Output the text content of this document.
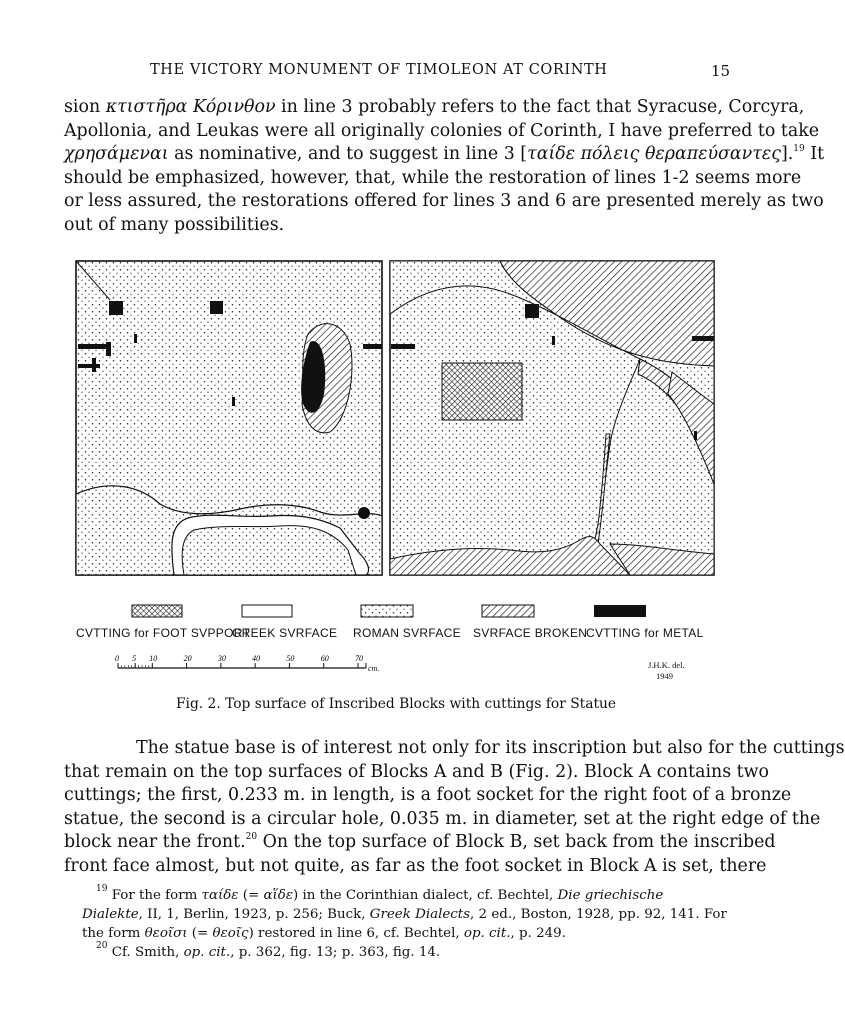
THE VICTORY MONUMENT OF TIMOLEON AT CORINTH	15
sion κτιστῆρα Κόρινθον in line 3 probably refers to the fact that Syracuse, Corcyra,
Apollonia, and Leukas were all originally colonies of Corinth, I have preferred to take
χρησάμεναι as nominative, and to suggest in line 3 [ταίδε πόλεις θεραπεύσαντες].$^{19}$ It
should be emphasized, however, that, while the restoration of lines 1-2 seems more
or less assured, the restorations offered for lines 3 and 6 are presented merely as two
out of many possibilities.
CVTTING for FOOT SVPPORT
GREEK SVRFACE ROMAN SVRFACE SVRFACE BROKEN
CVTTING for METAL
0 5 10	20	30	40	50	60	70
cm.	J.H.K. del.
1949
Fig. 2. Top surface of Inscribed Blocks with cuttings for Statue
The statue base is of interest not only for its inscription but also for the cuttings
that remain on the top surfaces of Blocks A and B (Fig. 2). Block A contains two
cuttings; the first, 0.233 m. in length, is a foot socket for the right foot of a bronze
statue, the second is a circular hole, 0.035 m. in diameter, set at the right edge of the
block near the front.$^{20}$ On the top surface of Block B, set back from the inscribed
front face almost, but not quite, as far as the foot socket in Block A is set, there

$^{19}$ For the form ταίδε (= αἵδε) in the Corinthian dialect, cf. Bechtel, Die griechische Dialekte, II, 1, Berlin, 1923, p. 256; Buck, Greek Dialects, 2 ed., Boston, 1928, pp. 92, 141. For the form θεοῖσι (= θεοῖς) restored in line 6, cf. Bechtel, op. cit., p. 249.

$^{20}$ Cf. Smith, op. cit., p. 362, fig. 13; p. 363, fig. 14.
